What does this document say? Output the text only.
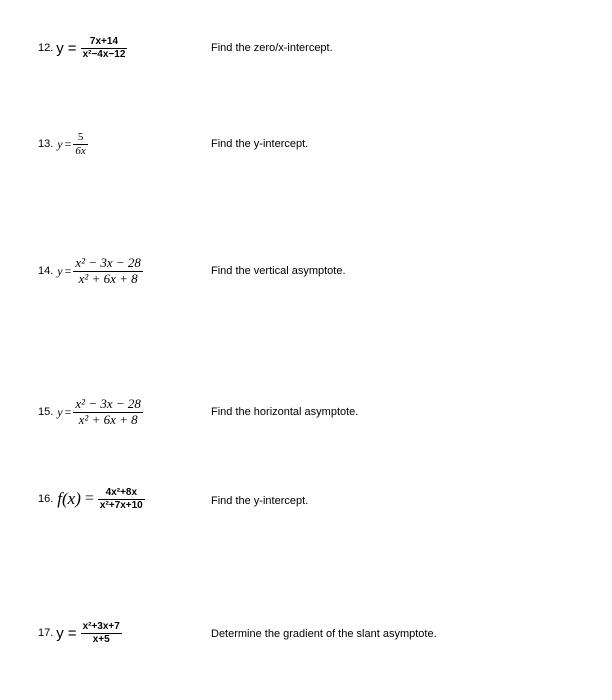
12. $y = \frac{7x+14}{\text{x²−4x−12}}$	Find the zero/x-intercept.
13. $y = \frac{5}{6x}$	Find the y-intercept.
14. $y = \frac{\text{x² − 3x − 28}}{\text{x² + 6x + 8}}$	Find the vertical asymptote.
15. $y = \frac{\text{x² − 3x − 28}}{\text{x² + 6x + 8}}$	Find the horizontal asymptote.
16. $f(x) = \frac{\text{4x²+8x}}{\text{x²+7x+10}}$	Find the y-intercept.
17. $y = \frac{\text{x²+3x+7}}{x+5}$	Determine the gradient of the slant asymptote.
